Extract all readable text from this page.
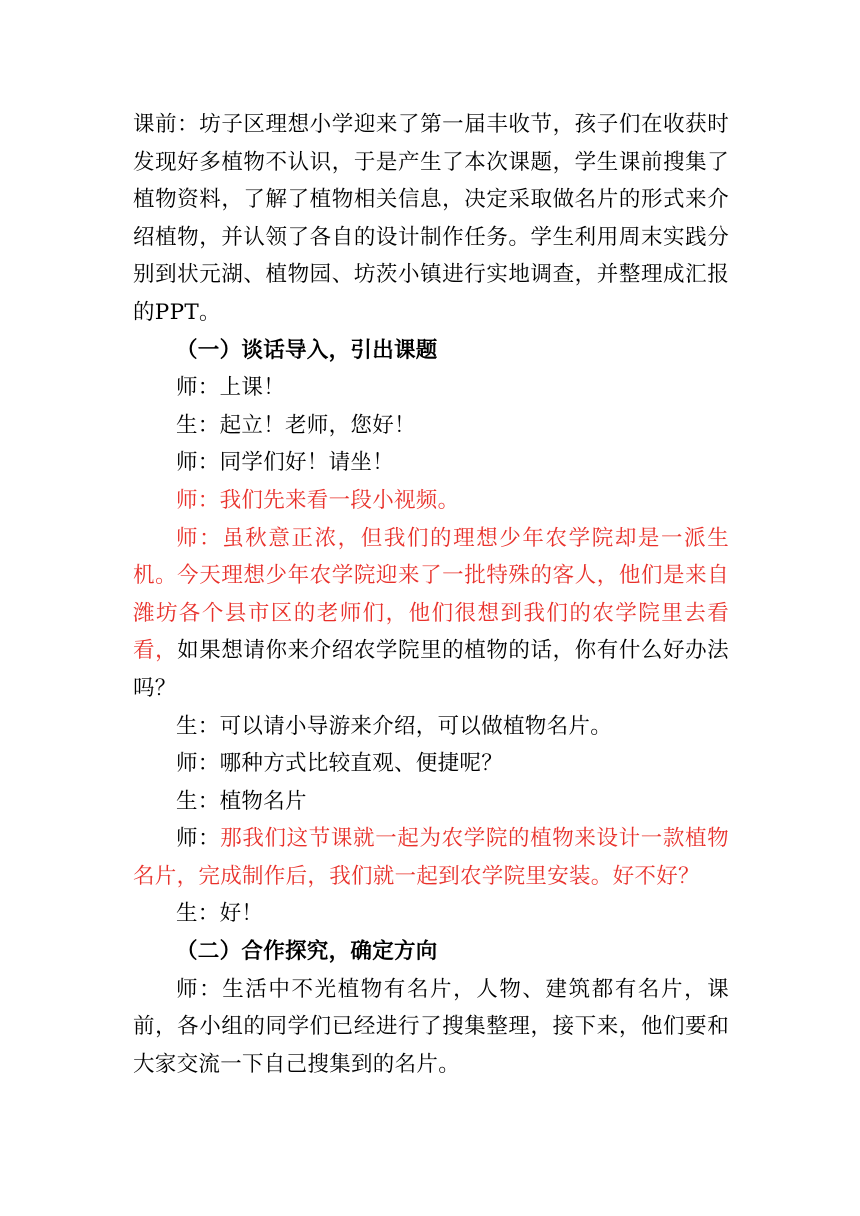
课前：坊子区理想小学迎来了第一届丰收节，孩子们在收获时发现好多植物不认识，于是产生了本次课题，学生课前搜集了植物资料，了解了植物相关信息，决定采取做名片的形式来介绍植物，并认领了各自的设计制作任务。学生利用周末实践分别到状元湖、植物园、坊茨小镇进行实地调查，并整理成汇报的PPT。

（一）谈话导入，引出课题

师：上课！

生：起立！老师，您好！

师：同学们好！请坐！

师：我们先来看一段小视频。

师：虽秋意正浓，但我们的理想少年农学院却是一派生机。今天理想少年农学院迎来了一批特殊的客人，他们是来自潍坊各个县市区的老师们，他们很想到我们的农学院里去看看，如果想请你来介绍农学院里的植物的话，你有什么好办法吗？

生：可以请小导游来介绍，可以做植物名片。

师：哪种方式比较直观、便捷呢？

生：植物名片

师：那我们这节课就一起为农学院的植物来设计一款植物名片，完成制作后，我们就一起到农学院里安装。好不好？

生：好！

（二）合作探究，确定方向

师：生活中不光植物有名片，人物、建筑都有名片，课前，各小组的同学们已经进行了搜集整理，接下来，他们要和大家交流一下自己搜集到的名片。
